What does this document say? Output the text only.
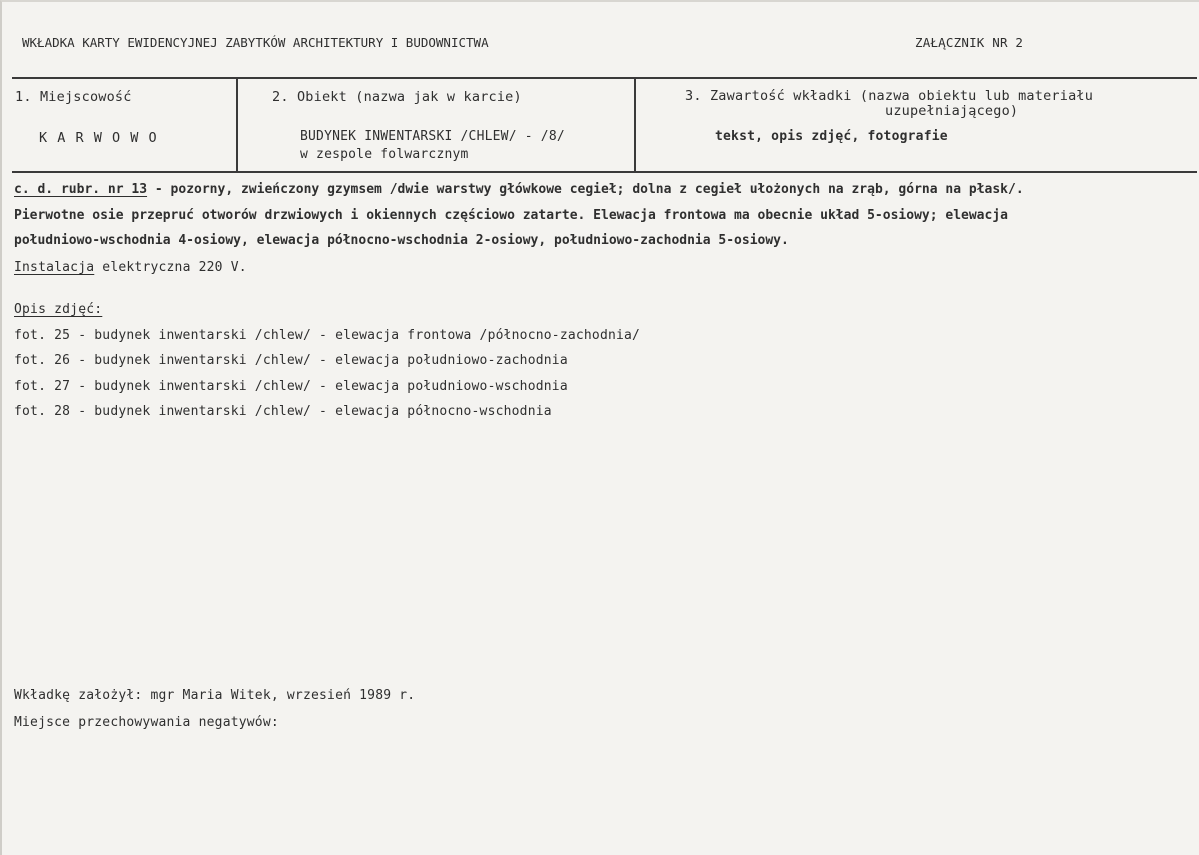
WKŁADKA KARTY EWIDENCYJNEJ ZABYTKÓW ARCHITEKTURY I BUDOWNICTWA	ZAŁĄCZNIK NR 2
1. Miejscowość
K A R W O W O
2. Obiekt (nazwa jak w karcie)
BUDYNEK INWENTARSKI /CHLEW/ - /8/
w zespole folwarcznym
3. Zawartość wkładki (nazwa obiektu lub materiału
uzupełniającego)
tekst, opis zdjęć, fotografie
c. d. rubr. nr 13 - pozorny, zwieńczony gzymsem /dwie warstwy główkowe cegieł; dolna z cegieł ułożonych na zrąb, górna na płask/.
Pierwotne osie przepruć otworów drzwiowych i okiennych częściowo zatarte. Elewacja frontowa ma obecnie układ 5-osiowy; elewacja
południowo-wschodnia 4-osiowy, elewacja północno-wschodnia 2-osiowy, południowo-zachodnia 5-osiowy.
Instalacja elektryczna 220 V.
Opis zdjęć:
fot. 25 - budynek inwentarski /chlew/ - elewacja frontowa /północno-zachodnia/
fot. 26 - budynek inwentarski /chlew/ - elewacja południowo-zachodnia
fot. 27 - budynek inwentarski /chlew/ - elewacja południowo-wschodnia
fot. 28 - budynek inwentarski /chlew/ - elewacja północno-wschodnia
Wkładkę założył: mgr Maria Witek, wrzesień 1989 r.
Miejsce przechowywania negatywów:
